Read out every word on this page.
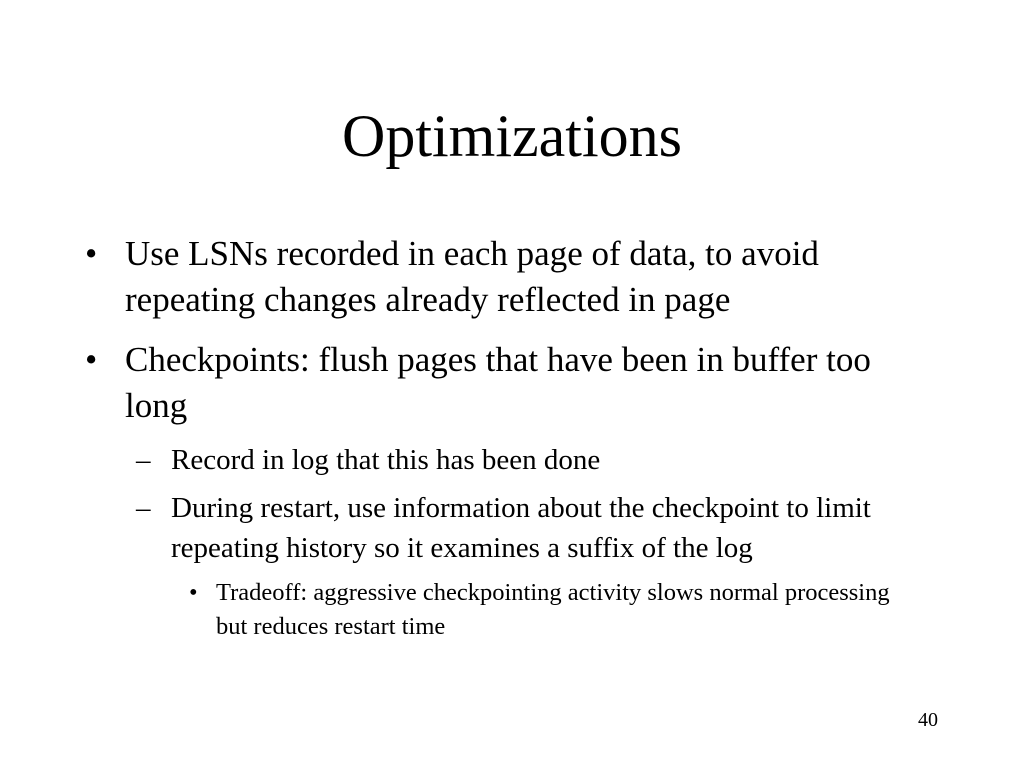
Optimizations
• Use LSNs recorded in each page of data, to avoid repeating changes already reflected in page
• Checkpoints: flush pages that have been in buffer too long
– Record in log that this has been done
– During restart, use information about the checkpoint to limit repeating history so it examines a suffix of the log
• Tradeoff: aggressive checkpointing activity slows normal processing but reduces restart time
40
